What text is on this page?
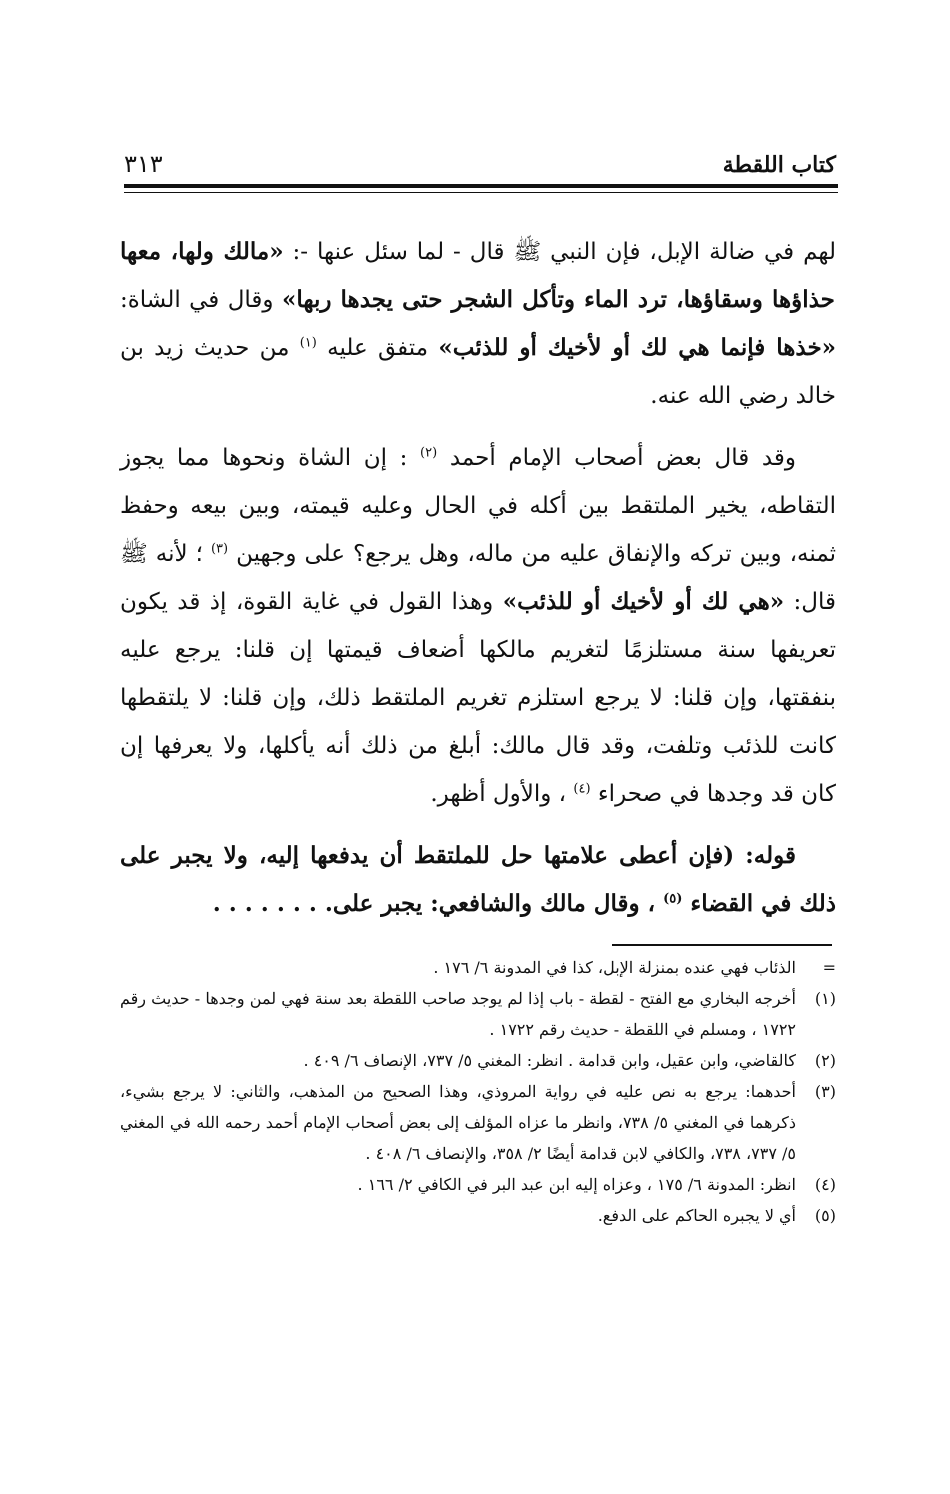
٣١٣	كتاب اللقطة

لهم في ضالة الإبل، فإن النبي ﷺ قال - لما سئل عنها -: «مالك ولها، معها حذاؤها وسقاؤها، ترد الماء وتأكل الشجر حتى يجدها ربها» وقال في الشاة: «خذها فإنما هي لك أو لأخيك أو للذئب» متفق عليه $^{(١)}$ من حديث زيد بن خالد رضي الله عنه.

وقد قال بعض أصحاب الإمام أحمد $^{(٢)}$ : إن الشاة ونحوها مما يجوز التقاطه، يخير الملتقط بين أكله في الحال وعليه قيمته، وبين بيعه وحفظ ثمنه، وبين تركه والإنفاق عليه من ماله، وهل يرجع؟ على وجهين $^{(٣)}$ ؛ لأنه ﷺ قال: «هي لك أو لأخيك أو للذئب» وهذا القول في غاية القوة، إذ قد يكون تعريفها سنة مستلزمًا لتغريم مالكها أضعاف قيمتها إن قلنا: يرجع عليه بنفقتها، وإن قلنا: لا يرجع استلزم تغريم الملتقط ذلك، وإن قلنا: لا يلتقطها كانت للذئب وتلفت، وقد قال مالك: أبلغ من ذلك أنه يأكلها، ولا يعرفها إن كان قد وجدها في صحراء $^{(٤)}$ ، والأول أظهر.

قوله: (فإن أعطى علامتها حل للملتقط أن يدفعها إليه، ولا يجبر على ذلك في القضاء $^{(٥)}$ ، وقال مالك والشافعي: يجبر على. . . . . . . .

=
الذئاب فهي عنده بمنزلة الإبل، كذا في المدونة ٦/ ١٧٦ .
(١)
أخرجه البخاري مع الفتح - لقطة - باب إذا لم يوجد صاحب اللقطة بعد سنة فهي لمن وجدها - حديث رقم ١٧٢٢ ، ومسلم في اللقطة - حديث رقم ١٧٢٢ .
(٢)
كالقاضي، وابن عقيل، وابن قدامة . انظر: المغني ٥/ ٧٣٧، الإنصاف ٦/ ٤٠٩ .
(٣)
أحدهما: يرجع به نص عليه في رواية المروذي، وهذا الصحيح من المذهب، والثاني: لا يرجع بشيء، ذكرهما في المغني ٥/ ٧٣٨، وانظر ما عزاه المؤلف إلى بعض أصحاب الإمام أحمد رحمه الله في المغني ٥/ ٧٣٧، ٧٣٨، والكافي لابن قدامة أيضًا ٢/ ٣٥٨، والإنصاف ٦/ ٤٠٨ .
(٤)
انظر: المدونة ٦/ ١٧٥ ، وعزاه إليه ابن عبد البر في الكافي ٢/ ١٦٦ .
(٥)
أي لا يجبره الحاكم على الدفع.
